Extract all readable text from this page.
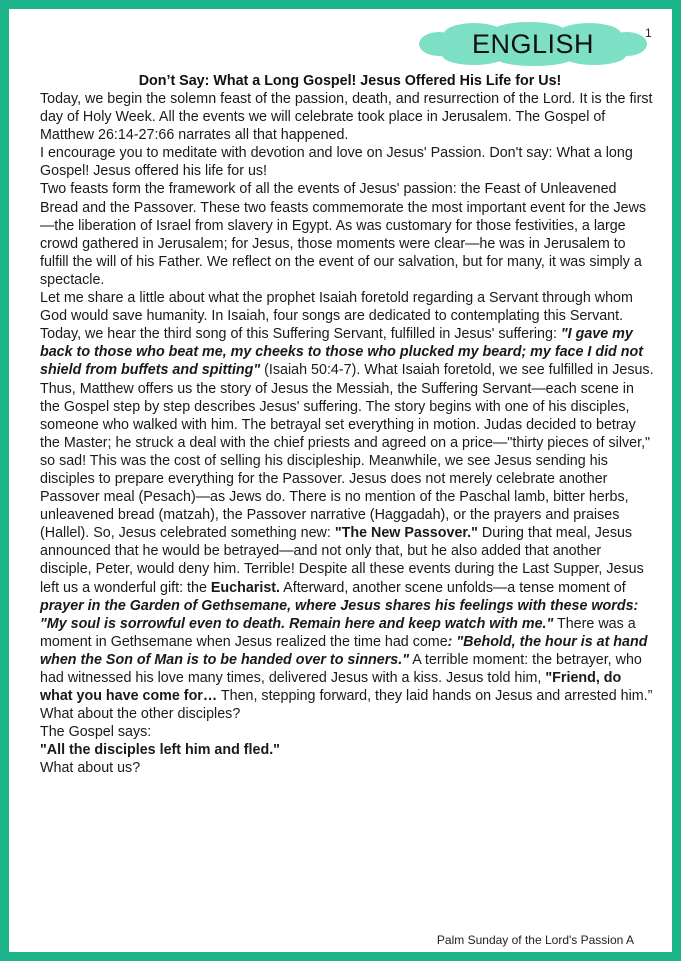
ENGLISH	1
Don’t Say: What a Long Gospel! Jesus Offered His Life for Us!

Today, we begin the solemn feast of the passion, death, and resurrection of the Lord. It is the first day of Holy Week. All the events we will celebrate took place in Jerusalem. The Gospel of Matthew 26:14-27:66 narrates all that happened.

I encourage you to meditate with devotion and love on Jesus' Passion. Don't say: What a long Gospel! Jesus offered his life for us!

Two feasts form the framework of all the events of Jesus' passion: the Feast of Unleavened Bread and the Passover. These two feasts commemorate the most important event for the Jews—the liberation of Israel from slavery in Egypt. As was customary for those festivities, a large crowd gathered in Jerusalem; for Jesus, those moments were clear—he was in Jerusalem to fulfill the will of his Father. We reflect on the event of our salvation, but for many, it was simply a spectacle.

Let me share a little about what the prophet Isaiah foretold regarding a Servant through whom God would save humanity. In Isaiah, four songs are dedicated to contemplating this Servant. Today, we hear the third song of this Suffering Servant, fulfilled in Jesus' suffering: "I gave my back to those who beat me, my cheeks to those who plucked my beard; my face I did not shield from buffets and spitting" (Isaiah 50:4-7). What Isaiah foretold, we see fulfilled in Jesus. Thus, Matthew offers us the story of Jesus the Messiah, the Suffering Servant—each scene in the Gospel step by step describes Jesus' suffering. The story begins with one of his disciples, someone who walked with him. The betrayal set everything in motion. Judas decided to betray the Master; he struck a deal with the chief priests and agreed on a price—"thirty pieces of silver," so sad! This was the cost of selling his discipleship. Meanwhile, we see Jesus sending his disciples to prepare everything for the Passover. Jesus does not merely celebrate another Passover meal (Pesach)—as Jews do. There is no mention of the Paschal lamb, bitter herbs, unleavened bread (matzah), the Passover narrative (Haggadah), or the prayers and praises (Hallel). So, Jesus celebrated something new: "The New Passover." During that meal, Jesus announced that he would be betrayed—and not only that, but he also added that another disciple, Peter, would deny him. Terrible! Despite all these events during the Last Supper, Jesus left us a wonderful gift: the Eucharist. Afterward, another scene unfolds—a tense moment of prayer in the Garden of Gethsemane, where Jesus shares his feelings with these words: "My soul is sorrowful even to death. Remain here and keep watch with me." There was a moment in Gethsemane when Jesus realized the time had come: "Behold, the hour is at hand when the Son of Man is to be handed over to sinners." A terrible moment: the betrayer, who had witnessed his love many times, delivered Jesus with a kiss. Jesus told him, "Friend, do what you have come for… Then, stepping forward, they laid hands on Jesus and arrested him.”

What about the other disciples?

The Gospel says:

"All the disciples left him and fled."

What about us?

Palm Sunday of the Lord's Passion A
